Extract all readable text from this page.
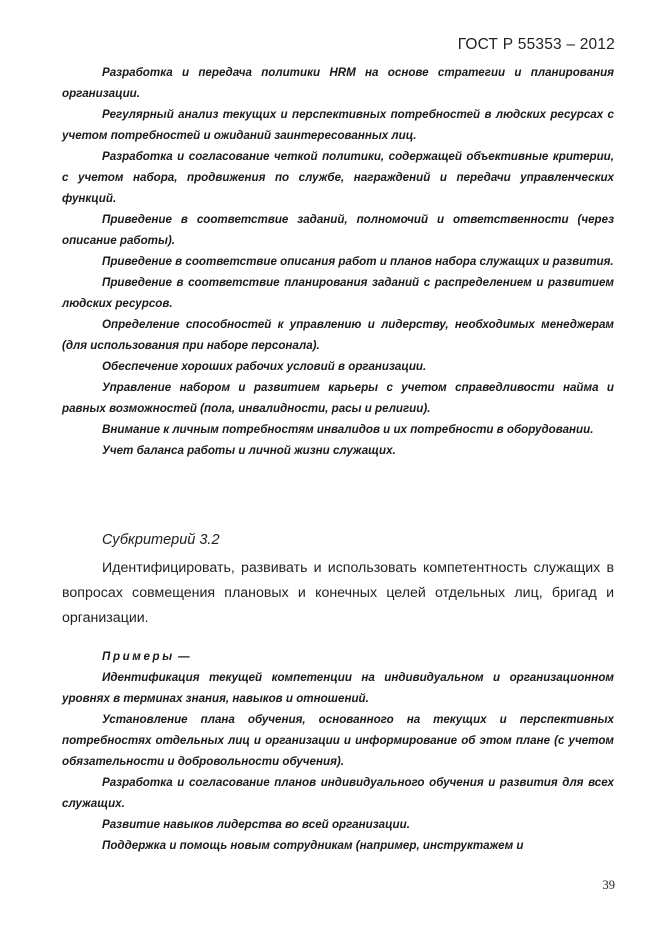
ГОСТ Р 55353 – 2012

Разработка и передача политики HRM на основе стратегии и планирования организации.

Регулярный анализ текущих и перспективных потребностей в людских ресурсах с учетом потребностей и ожиданий заинтересованных лиц.

Разработка и согласование четкой политики, содержащей объективные критерии, с учетом набора, продвижения по службе, награждений и передачи управленческих функций.

Приведение в соответствие заданий, полномочий и ответственности (через описание работы).

Приведение в соответствие описания работ и планов набора служащих и развития.

Приведение в соответствие планирования заданий с распределением и развитием людских ресурсов.

Определение способностей к управлению и лидерству, необходимых менеджерам (для использования при наборе персонала).

Обеспечение хороших рабочих условий в организации.

Управление набором и развитием карьеры с учетом справедливости найма и равных возможностей (пола, инвалидности, расы и религии).

Внимание к личным потребностям инвалидов и их потребности в оборудовании.

Учет баланса работы и личной жизни служащих.

Субкритерий 3.2

Идентифицировать, развивать и использовать компетентность служащих в вопросах совмещения плановых и конечных целей отдельных лиц, бригад и организации.

Примеры —

Идентификация текущей компетенции на индивидуальном и организационном уровнях в терминах знания, навыков и отношений.

Установление плана обучения, основанного на текущих и перспективных потребностях отдельных лиц и организации и информирование об этом плане (с учетом обязательности и добровольности обучения).

Разработка и согласование планов индивидуального обучения и развития для всех служащих.

Развитие навыков лидерства во всей организации.

Поддержка и помощь новым сотрудникам (например, инструктажем и

39
